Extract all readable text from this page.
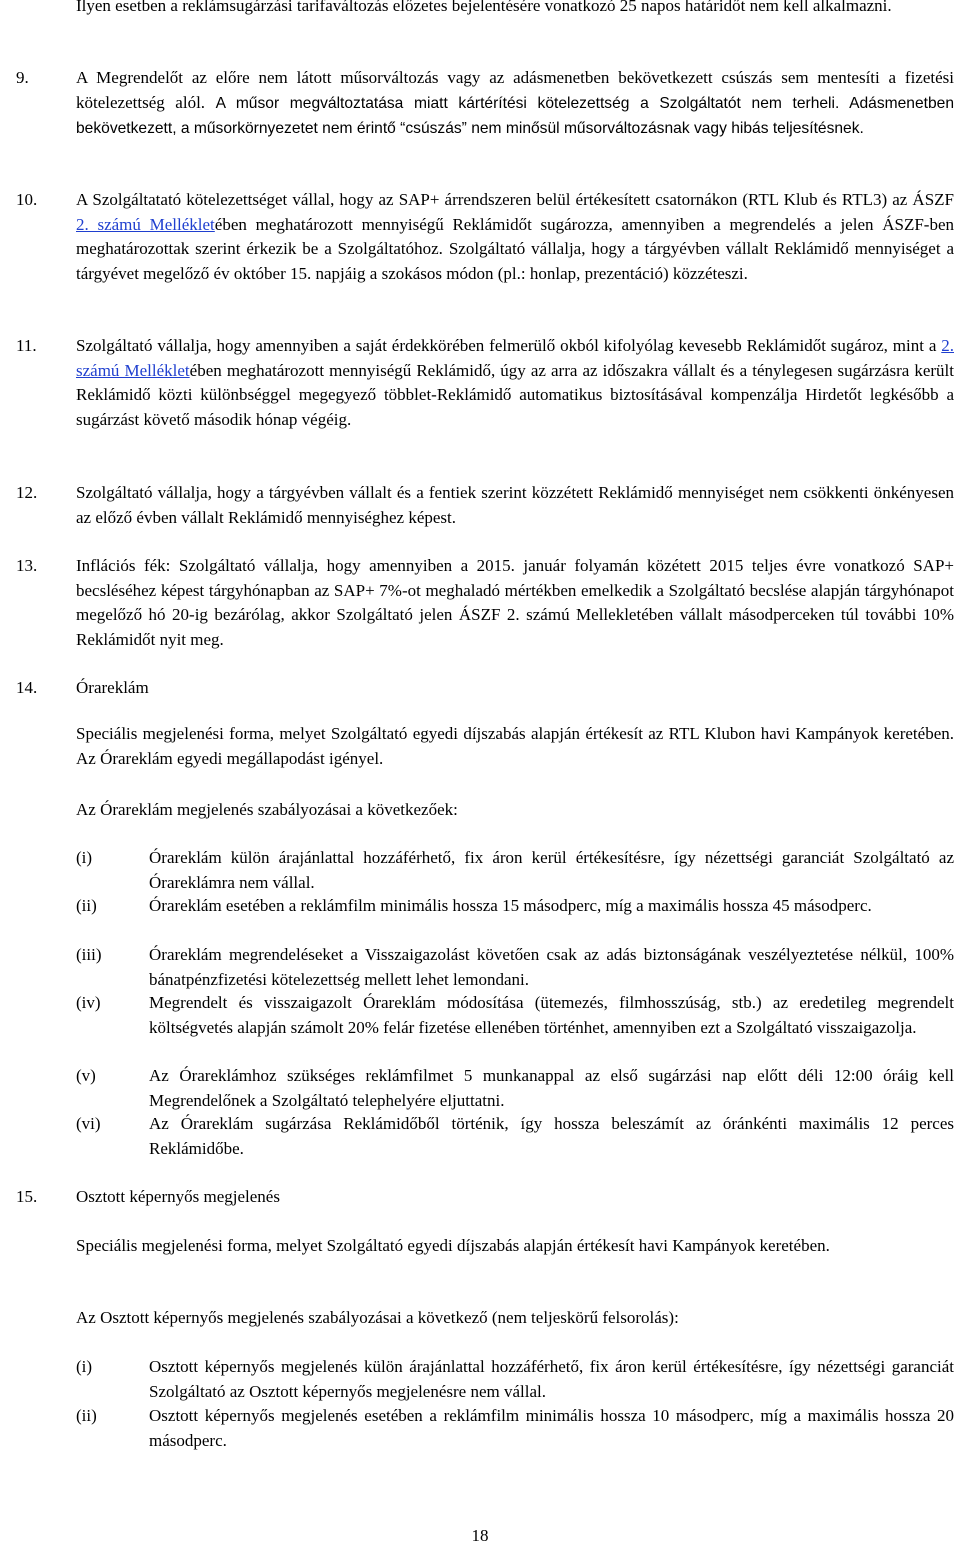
Ilyen esetben a reklámsugárzási tarifaváltozás előzetes bejelentésére vonatkozó 25 napos határidőt nem kell alkalmazni.

9.	A Megrendelőt az előre nem látott műsorváltozás vagy az adásmenetben bekövetkezett csúszás sem mentesíti a fizetési kötelezettség alól. A műsor megváltoztatása miatt kártérítési kötelezettség a Szolgáltatót nem terheli. Adásmenetben bekövetkezett, a műsorkörnyezetet nem érintő “csúszás” nem minősül műsorváltozásnak vagy hibás teljesítésnek.

10. A Szolgáltatató kötelezettséget vállal, hogy az SAP+ árrendszeren belül értékesített csatornákon (RTL Klub és RTL3) az ÁSZF 2. számú Mellékletében meghatározott mennyiségű Reklámidőt sugározza, amennyiben a megrendelés a jelen ÁSZF-ben meghatározottak szerint érkezik be a Szolgáltatóhoz. Szolgáltató vállalja, hogy a tárgyévben vállalt Reklámidő mennyiséget a tárgyévet megelőző év október 15. napjáig a szokásos módon (pl.: honlap, prezentáció) közzéteszi.

11. Szolgáltató vállalja, hogy amennyiben a saját érdekkörében felmerülő okból kifolyólag kevesebb Reklámidőt sugároz, mint a 2. számú Mellékletében meghatározott mennyiségű Reklámidő, úgy az arra az időszakra vállalt és a ténylegesen sugárzásra került Reklámidő közti különbséggel megegyező többlet-Reklámidő automatikus biztosításával kompenzálja Hirdetőt legkésőbb a sugárzást követő második hónap végéig.

12. Szolgáltató vállalja, hogy a tárgyévben vállalt és a fentiek szerint közzétett Reklámidő mennyiséget nem csökkenti önkényesen az előző évben vállalt Reklámidő mennyiséghez képest.

13. Inflációs fék: Szolgáltató vállalja, hogy amennyiben a 2015. január folyamán közétett 2015 teljes évre vonatkozó SAP+ becsléséhez képest tárgyhónapban az SAP+ 7%-ot meghaladó mértékben emelkedik a Szolgáltató becslése alapján tárgyhónapot megelőző hó 20-ig bezárólag, akkor Szolgáltató jelen ÁSZF 2. számú Mellekletében vállalt másodperceken túl további 10% Reklámidőt nyit meg.

14. Órareklám

Speciális megjelenési forma, melyet Szolgáltató egyedi díjszabás alapján értékesít az RTL Klubon havi Kampányok keretében. Az Órareklám egyedi megállapodást igényel.

Az Órareklám megjelenés szabályozásai a következőek:

(i)	Órareklám külön árajánlattal hozzáférhető, fix áron kerül értékesítésre, így nézettségi garanciát Szolgáltató az Órareklámra nem vállal.

(ii)	Órareklám esetében a reklámfilm minimális hossza 15 másodperc, míg a maximális hossza 45 másodperc.

(iii)	Órareklám megrendeléseket a Visszaigazolást követően csak az adás biztonságának veszélyeztetése nélkül, 100% bánatpénzfizetési kötelezettség mellett lehet lemondani.

(iv)	Megrendelt és visszaigazolt Órareklám módosítása (ütemezés, filmhosszúság, stb.) az eredetileg megrendelt költségvetés alapján számolt 20% felár fizetése ellenében történhet, amennyiben ezt a Szolgáltató visszaigazolja.

(v)	Az Órareklámhoz szükséges reklámfilmet 5 munkanappal az első sugárzási nap előtt déli 12:00 óráig kell Megrendelőnek a Szolgáltató telephelyére eljuttatni.

(vi)	Az Órareklám sugárzása Reklámidőből történik, így hossza beleszámít az óránkénti maximális 12 perces Reklámidőbe.

15. Osztott képernyős megjelenés

Speciális megjelenési forma, melyet Szolgáltató egyedi díjszabás alapján értékesít havi Kampányok keretében.

Az Osztott képernyős megjelenés szabályozásai a következő (nem teljeskörű felsorolás):

(i)	Osztott képernyős megjelenés külön árajánlattal hozzáférhető, fix áron kerül értékesítésre, így nézettségi garanciát Szolgáltató az Osztott képernyős megjelenésre nem vállal.

(ii)	Osztott képernyős megjelenés esetében a reklámfilm minimális hossza 10 másodperc, míg a maximális hossza 20 másodperc.

18
